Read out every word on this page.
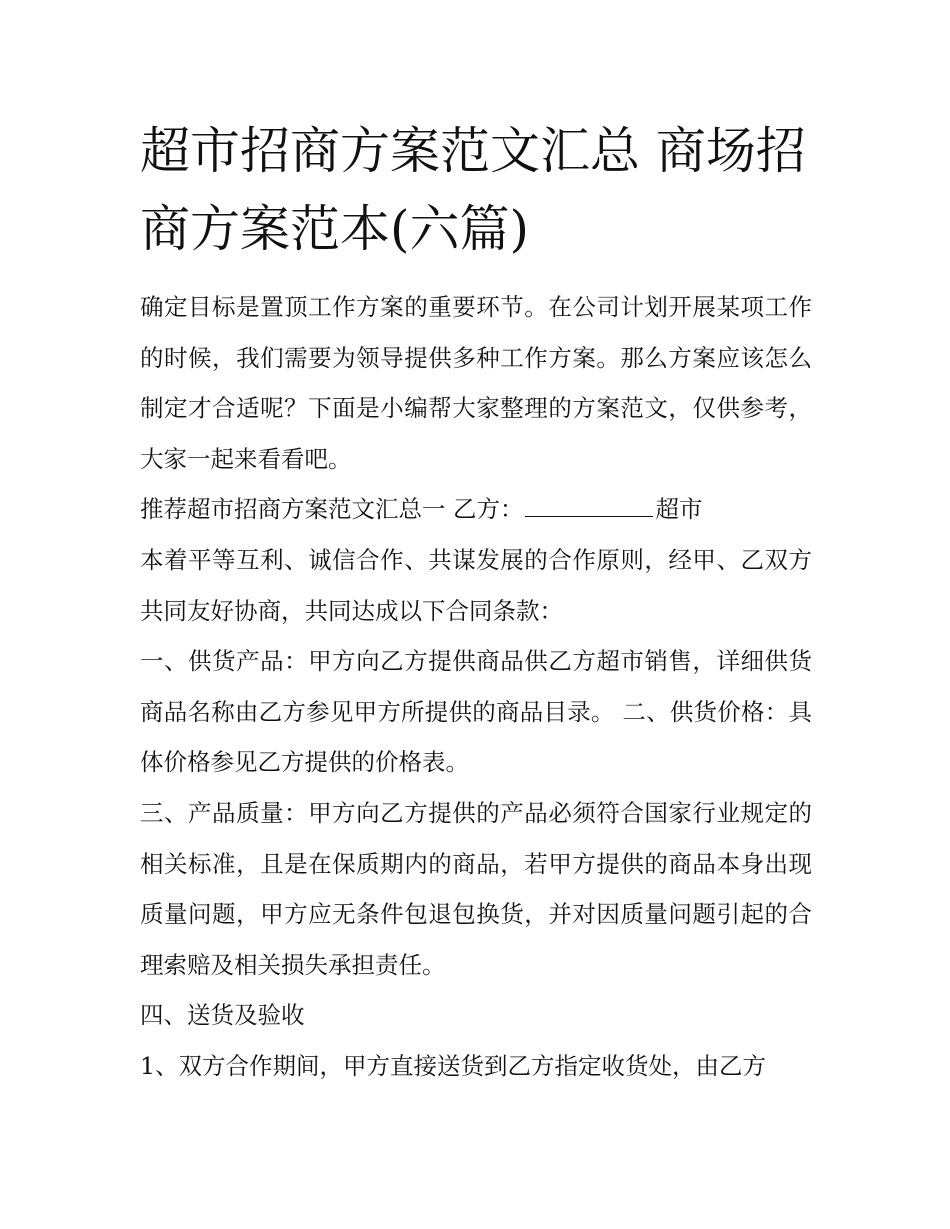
超市招商方案范文汇总 商场招商方案范本(六篇)

确定目标是置顶工作方案的重要环节。在公司计划开展某项工作的时候，我们需要为领导提供多种工作方案。那么方案应该怎么制定才合适呢？下面是小编帮大家整理的方案范文，仅供参考，大家一起来看看吧。

推荐超市招商方案范文汇总一 乙方：	超市

本着平等互利、诚信合作、共谋发展的合作原则，经甲、乙双方共同友好协商，共同达成以下合同条款：

一、供货产品：甲方向乙方提供商品供乙方超市销售，详细供货商品名称由乙方参见甲方所提供的商品目录。 二、供货价格：具体价格参见乙方提供的价格表。

三、产品质量：甲方向乙方提供的产品必须符合国家行业规定的相关标准，且是在保质期内的商品，若甲方提供的商品本身出现质量问题，甲方应无条件包退包换货，并对因质量问题引起的合理索赔及相关损失承担责任。

四、送货及验收

1、双方合作期间，甲方直接送货到乙方指定收货处，由乙方
